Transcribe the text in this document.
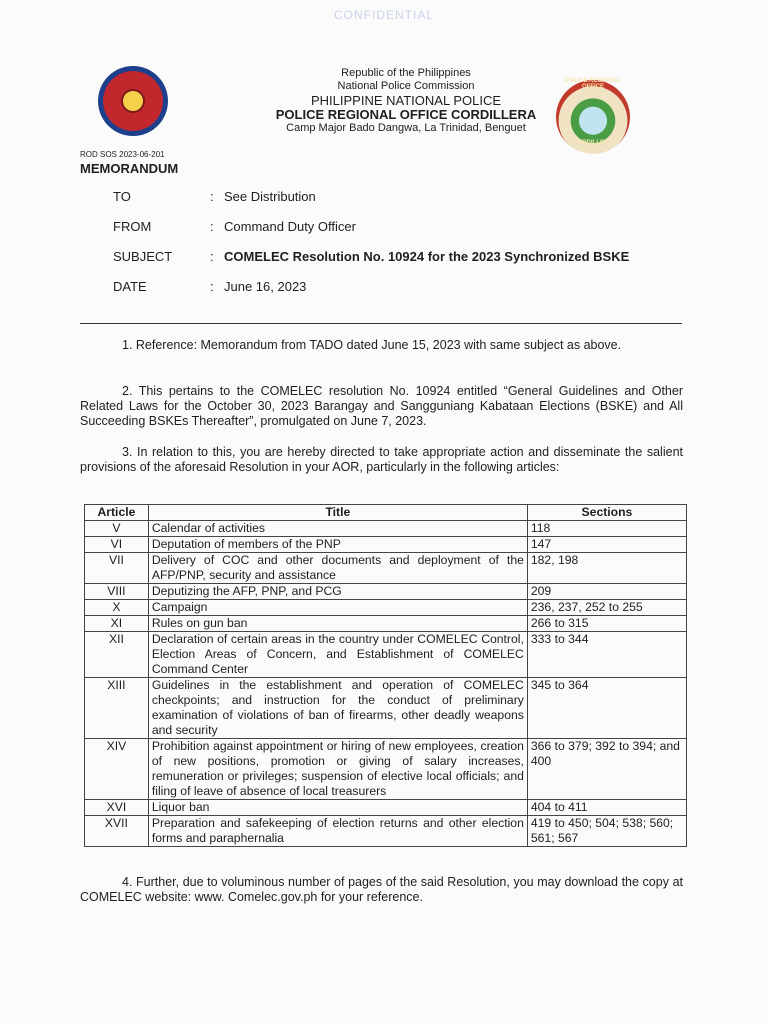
CONFIDENTIAL
POLICE REGIONAL OFFICE
CORDILLERA
Republic of the Philippines
National Police Commission
PHILIPPINE NATIONAL POLICE
POLICE REGIONAL OFFICE CORDILLERA
Camp Major Bado Dangwa, La Trinidad, Benguet
ROD SOS 2023-06-201
MEMORANDUM
TO	: See Distribution
FROM	: Command Duty Officer
SUBJECT	: COMELEC Resolution No. 10924 for the 2023 Synchronized BSKE
DATE	: June 16, 2023
1. Reference: Memorandum from TADO dated June 15, 2023 with same subject as above.
2. This pertains to the COMELEC resolution No. 10924 entitled “General Guidelines and Other Related Laws for the October 30, 2023 Barangay and Sangguniang Kabataan Elections (BSKE) and All Succeeding BSKEs Thereafter”, promulgated on June 7, 2023.
3. In relation to this, you are hereby directed to take appropriate action and disseminate the salient provisions of the aforesaid Resolution in your AOR, particularly in the following articles:
Article	Title	Sections
V	Calendar of activities	118
VI	Deputation of members of the PNP	147
VII	Delivery of COC and other documents and deployment of the AFP/PNP, security and assistance	182, 198
VIII	Deputizing the AFP, PNP, and PCG	209
X	Campaign	236, 237, 252 to 255
XI	Rules on gun ban	266 to 315
XII	Declaration of certain areas in the country under COMELEC Control, Election Areas of Concern, and Establishment of COMELEC Command Center	333 to 344
XIII	Guidelines in the establishment and operation of COMELEC checkpoints; and instruction for the conduct of preliminary examination of violations of ban of firearms, other deadly weapons and security	345 to 364
XIV	Prohibition against appointment or hiring of new employees, creation of new positions, promotion or giving of salary increases, remuneration or privileges; suspension of elective local officials; and filing of leave of absence of local treasurers	366 to 379; 392 to 394; and 400
XVI	Liquor ban	404 to 411
XVII	Preparation and safekeeping of election returns and other election forms and paraphernalia	419 to 450; 504; 538; 560; 561; 567
4. Further, due to voluminous number of pages of the said Resolution, you may download the copy at COMELEC website: www. Comelec.gov.ph for your reference.
